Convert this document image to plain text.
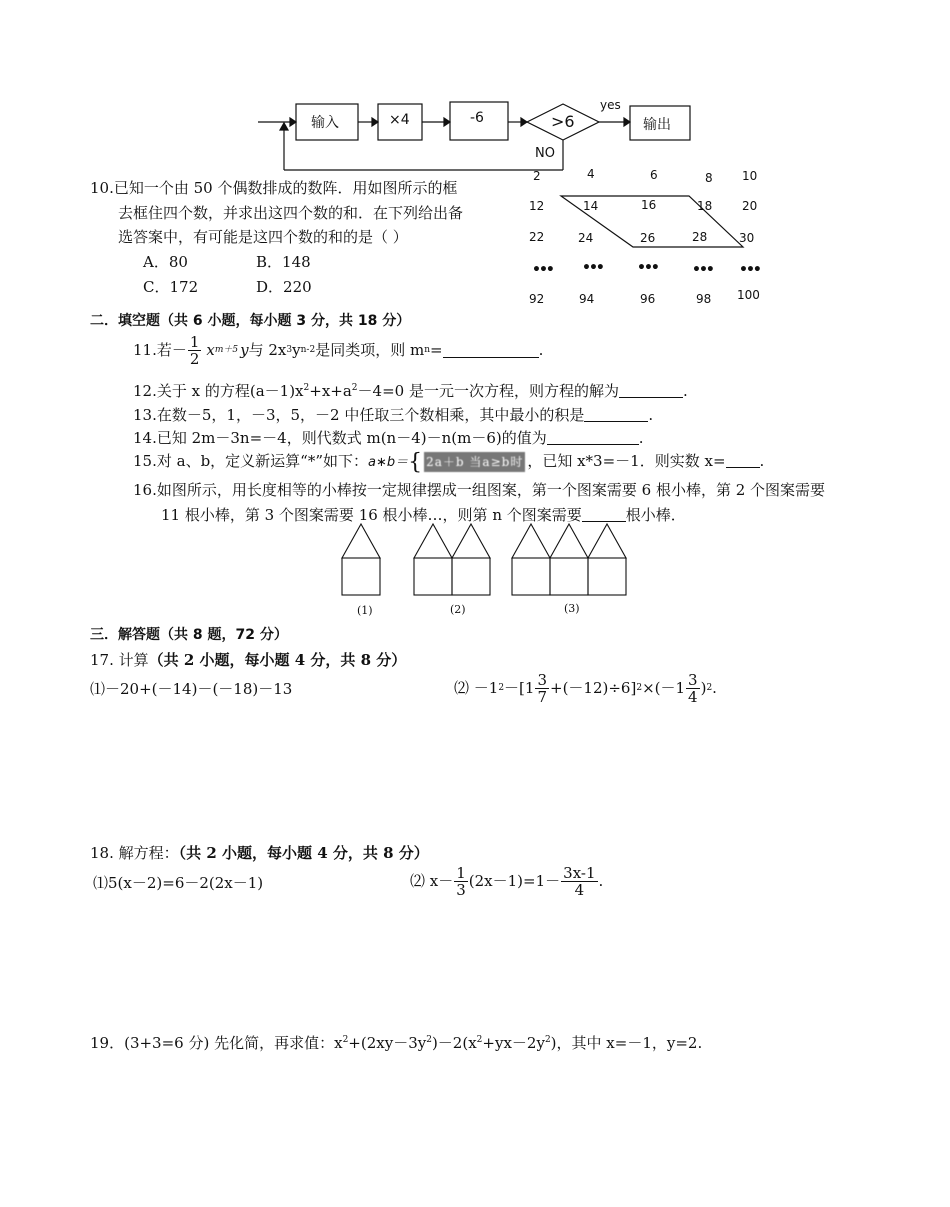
输入	×4	-6	>6
yes
NO
输出
10.已知一个由 50 个偶数排成的数阵．用如图所示的框
去框住四个数，并求出这四个数的和．在下列给出备
选答案中，有可能是这四个数的和的是（ ）
A．80	B．148
C．172	D．220
2	4	6	8 10
12	14	16	18 20
22	24	26	28	30
••• ••• ••• ••• •••
92	94	96	98 100
二．填空题（共 6 小题，每小题 3 分，共 18 分）
11.若－ $\frac{1}{2}$ x m＋5 y 与 2x 3 y n-2 是同类项，则 m n =	.
12.关于 x 的方程$(a-1)x^2+x+a^2-4=0$ 是一元一次方程，则方程的解为	.
13.在数－5，1，－3，5，－2 中任取三个数相乘，其中最小的积是	.
14.已知 2m－3n=－4，则代数式 m(n－4)－n(m－6)的值为	.
15.对 a、b，定义新运算“*”如下：a∗b＝{ 2a＋b 当a≥b时 ，已知 x*3=－1．则实数 x= .
16.如图所示，用长度相等的小棒按一定规律摆成一组图案，第一个图案需要 6 根小棒，第 2 个图案需要
11 根小棒，第 3 个图案需要 16 根小棒…，则第 n 个图案需要	根小棒．
(1)	(2)	(3)
三．解答题（共 8 题，72 分）
17. 计算（共 2 小题，每小题 4 分，共 8 分）
⑴－20+(－14)－(－18)－13	⑵ －1 $2 -[1 \frac{3}{7} +(-12)\div 6]$ $2 \times(-1 \frac{3}{4}$ ) 2 .
18. 解方程：（共 2 小题，每小题 4 分，共 8 分）
⑴5(x－2)=6－2(2x－1)	⑵ $x- \frac{1}{3} (2x-1)=1- \frac{3x-1}{4}$ .
19．(3+3=6 分) 先化简，再求值：$x^2+(2xy-3y^2)-2(x^2+yx-2y^2)$，其中 x=－1，y=2.
